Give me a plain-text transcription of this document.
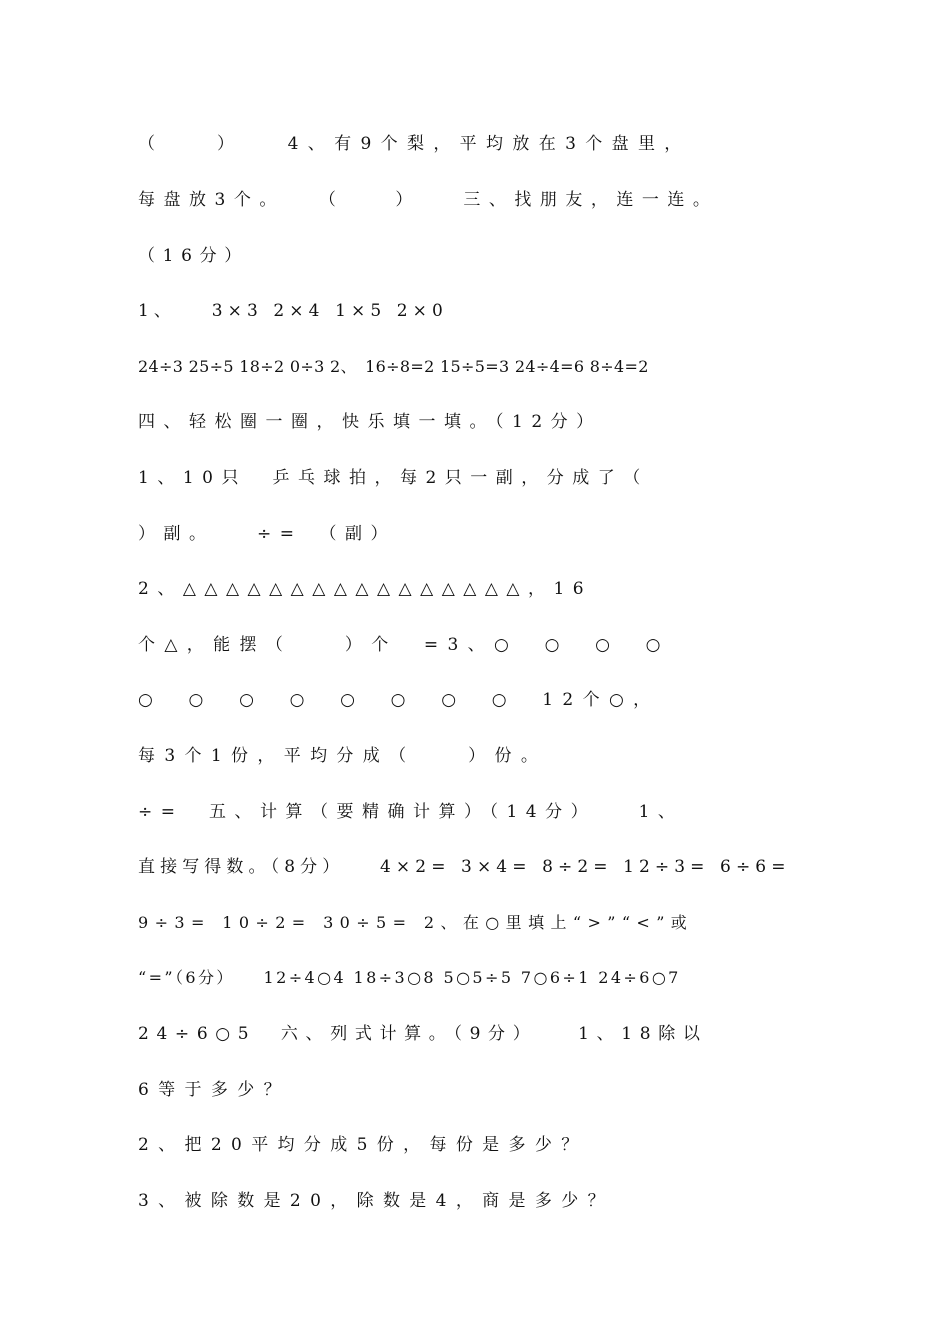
（　　）　　4、有9个梨，平均放在3个盘里，
每盘放3个。　　（　　）　　三、找朋友，连一连。
（16分）
1、　　3×3 2×4 1×5 2×0
24÷3 25÷5 18÷2 0÷3 2、　16÷8=2 15÷5=3 24÷4=6 8÷4=2
四、轻松圈一圈，快乐填一填。（12分）
1、10只　乒乓球拍，每2只一副，分成了（
）副。　　÷=　（副）
2、△△△△△△△△△△△△△△△△，16
个△，能摆（　　）个　=3、○　○　○　○
○　○　○　○　○　○　○　○　12个○，
每3个1份，平均分成（　　）份。
÷=　五、计算（要精确计算）（14分）　　1、
直接写得数。（8分）　　4×2= 3×4= 8÷2= 12÷3= 6÷6=
9÷3= 10÷2= 30÷5= 2、在○里填上“>”“<”或
“=”（6分）　　12÷4○4 18÷3○8 5○5÷5 7○6÷1 24÷6○7
24÷6○5　六、列式计算。（9分）　　1、18除以
6等于多少？
2、把20平均分成5份，每份是多少？
3、被除数是20，除数是4，商是多少？
